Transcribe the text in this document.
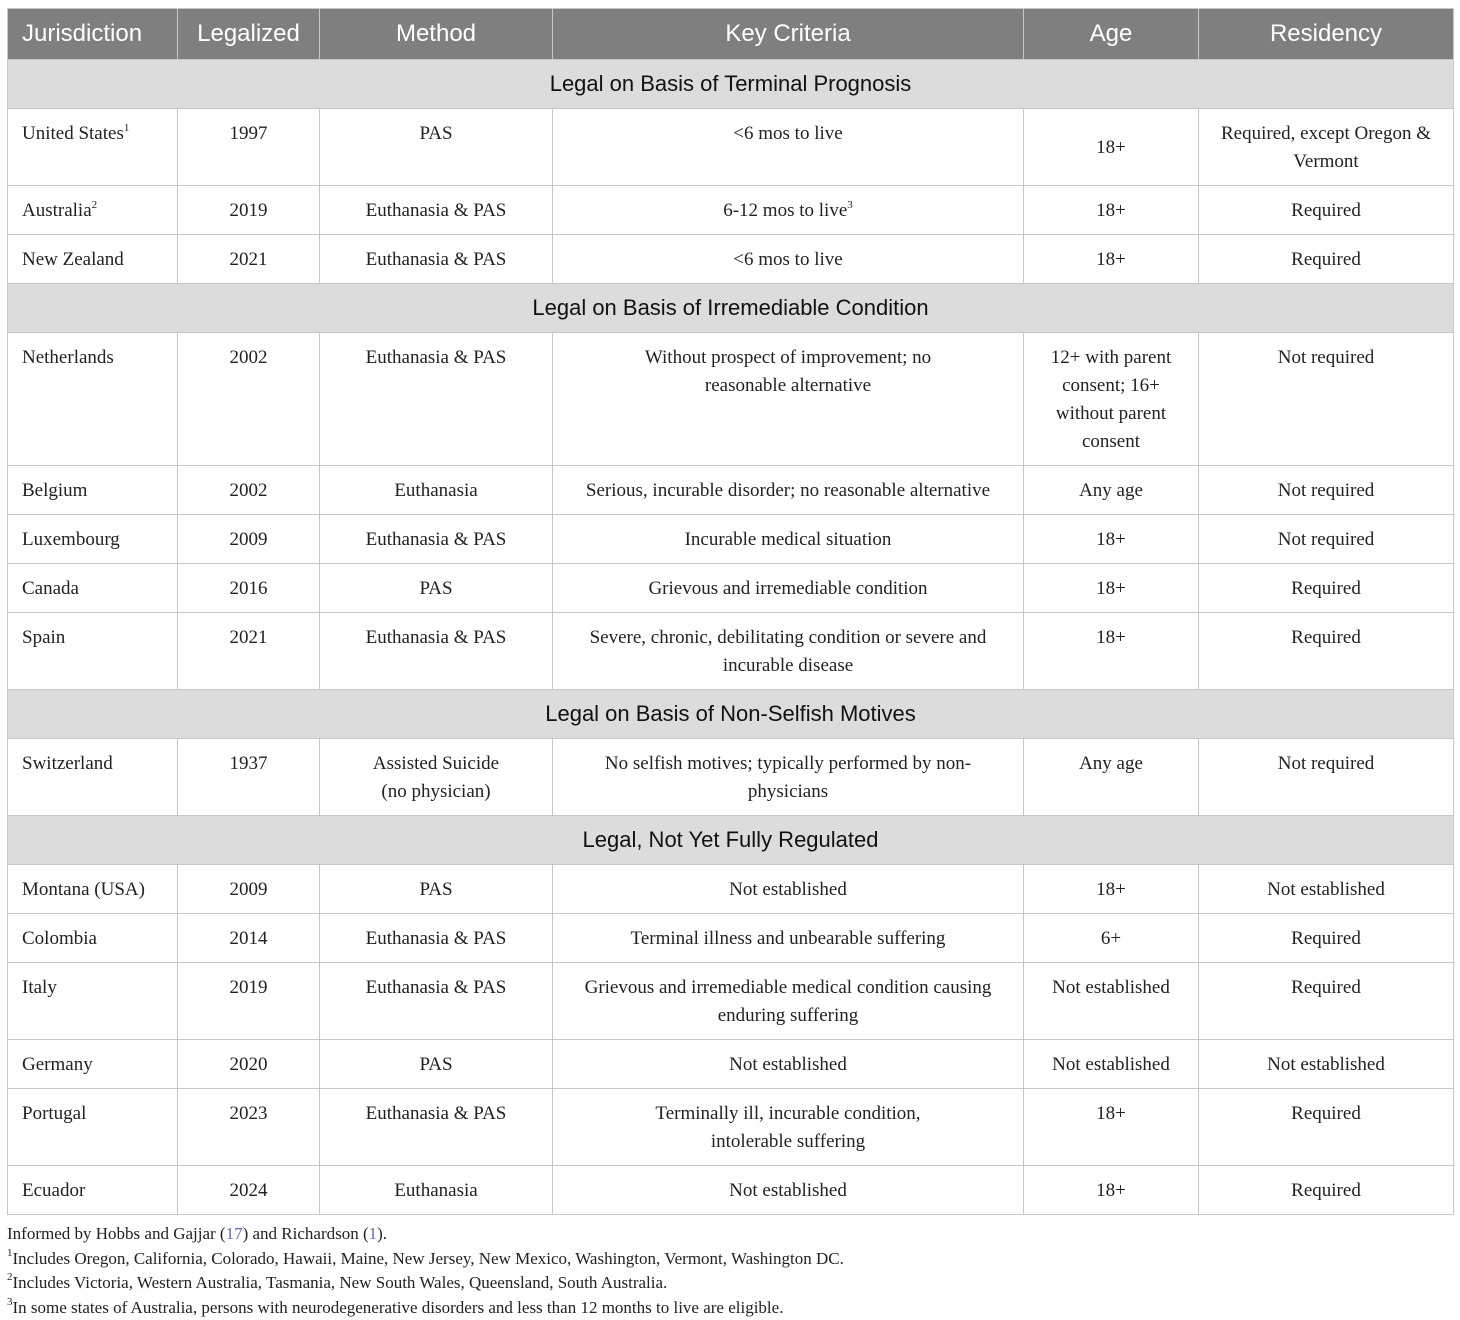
Jurisdiction	Legalized	Method	Key Criteria	Age	Residency
Legal on Basis of Terminal Prognosis					
United States$^1$	1997	PAS	<6 mos to live	18+	Required, except Oregon & Vermont
Australia$^2$	2019	Euthanasia & PAS	6-12 mos to live$^3$	18+	Required
New Zealand	2021	Euthanasia & PAS	<6 mos to live	18+	Required
Legal on Basis of Irremediable Condition					
Netherlands	2002	Euthanasia & PAS	Without prospect of improvement; no reasonable alternative	12+ with parent consent; 16+ without parent consent	Not required
Belgium	2002	Euthanasia	Serious, incurable disorder; no reasonable alternative	Any age	Not required
Luxembourg	2009	Euthanasia & PAS	Incurable medical situation	18+	Not required
Canada	2016	PAS	Grievous and irremediable condition	18+	Required
Spain	2021	Euthanasia & PAS	Severe, chronic, debilitating condition or severe and incurable disease	18+	Required
Legal on Basis of Non-Selfish Motives					
Switzerland	1937	Assisted Suicide (no physician)	No selfish motives; typically performed by non-physicians	Any age	Not required
Legal, Not Yet Fully Regulated					
Montana (USA)	2009	PAS	Not established	18+	Not established
Colombia	2014	Euthanasia & PAS	Terminal illness and unbearable suffering	6+	Required
Italy	2019	Euthanasia & PAS	Grievous and irremediable medical condition causing enduring suffering	Not established	Required
Germany	2020	PAS	Not established	Not established	Not established
Portugal	2023	Euthanasia & PAS	Terminally ill, incurable condition, intolerable suffering	18+	Required
Ecuador	2024	Euthanasia	Not established	18+	Required
Informed by Hobbs and Gajjar (17) and Richardson (1).
$^1$Includes Oregon, California, Colorado, Hawaii, Maine, New Jersey, New Mexico, Washington, Vermont, Washington DC.
$^2$Includes Victoria, Western Australia, Tasmania, New South Wales, Queensland, South Australia.
$^3$In some states of Australia, persons with neurodegenerative disorders and less than 12 months to live are eligible.
